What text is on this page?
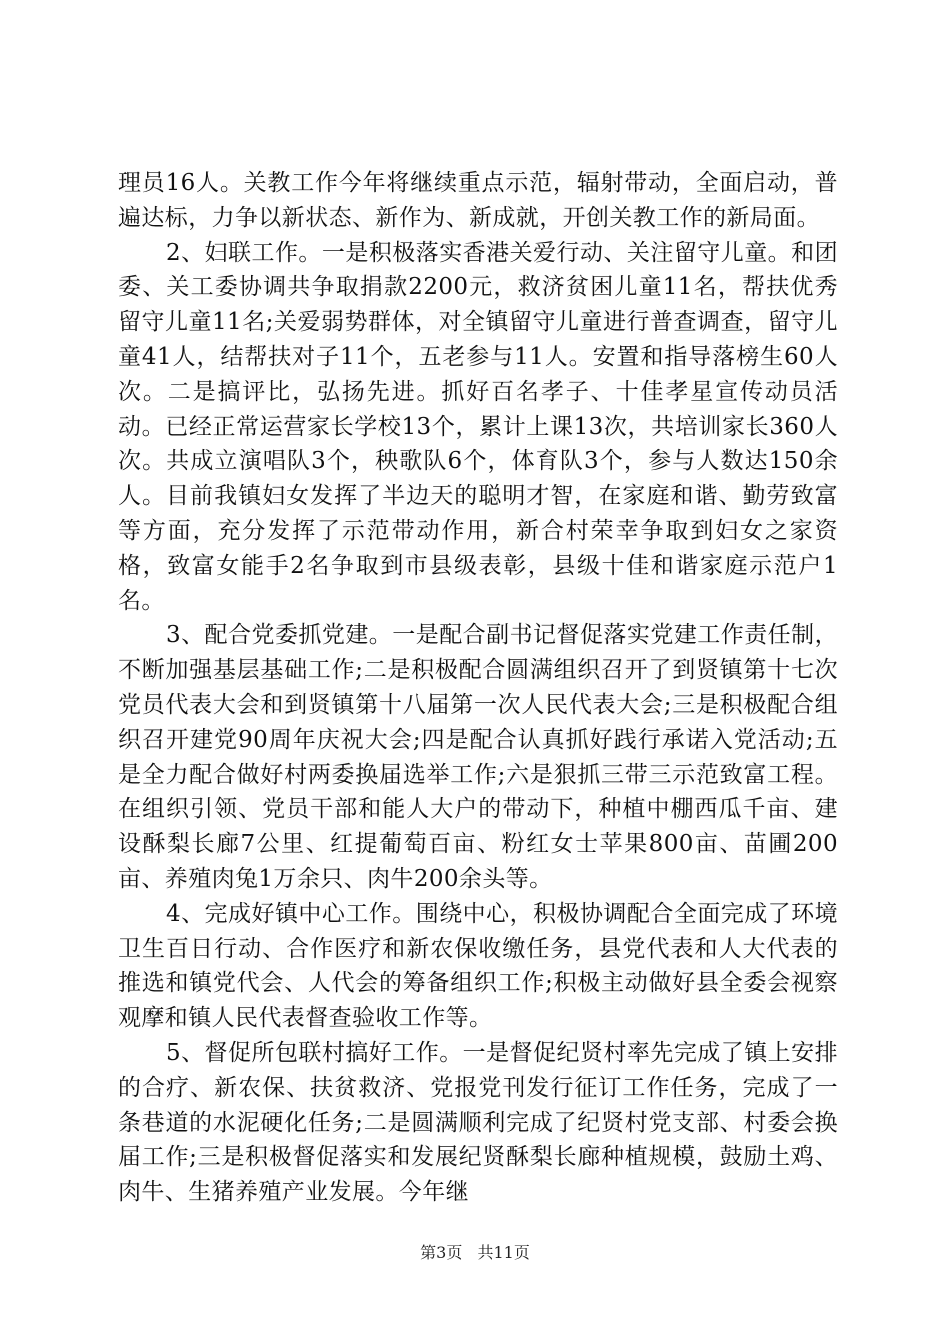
理员16人。关教工作今年将继续重点示范，辐射带动，全面启动，普遍达标，力争以新状态、新作为、新成就，开创关教工作的新局面。

2、妇联工作。一是积极落实香港关爱行动、关注留守儿童。和团委、关工委协调共争取捐款2200元，救济贫困儿童11名，帮扶优秀留守儿童11名;关爱弱势群体，对全镇留守儿童进行普查调查，留守儿童41人，结帮扶对子11个，五老参与11人。安置和指导落榜生60人次。二是搞评比，弘扬先进。抓好百名孝子、十佳孝星宣传动员活动。已经正常运营家长学校13个，累计上课13次，共培训家长360人次。共成立演唱队3个，秧歌队6个，体育队3个，参与人数达150余人。目前我镇妇女发挥了半边天的聪明才智，在家庭和谐、勤劳致富等方面，充分发挥了示范带动作用，新合村荣幸争取到妇女之家资格，致富女能手2名争取到市县级表彰，县级十佳和谐家庭示范户1名。

3、配合党委抓党建。一是配合副书记督促落实党建工作责任制，不断加强基层基础工作;二是积极配合圆满组织召开了到贤镇第十七次党员代表大会和到贤镇第十八届第一次人民代表大会;三是积极配合组织召开建党90周年庆祝大会;四是配合认真抓好践行承诺入党活动;五是全力配合做好村两委换届选举工作;六是狠抓三带三示范致富工程。在组织引领、党员干部和能人大户的带动下，种植中棚西瓜千亩、建设酥梨长廊7公里、红提葡萄百亩、粉红女士苹果800亩、苗圃200亩、养殖肉兔1万余只、肉牛200余头等。

4、完成好镇中心工作。围绕中心，积极协调配合全面完成了环境卫生百日行动、合作医疗和新农保收缴任务，县党代表和人大代表的推选和镇党代会、人代会的筹备组织工作;积极主动做好县全委会视察观摩和镇人民代表督查验收工作等。

5、督促所包联村搞好工作。一是督促纪贤村率先完成了镇上安排的合疗、新农保、扶贫救济、党报党刊发行征订工作任务，完成了一条巷道的水泥硬化任务;二是圆满顺利完成了纪贤村党支部、村委会换届工作;三是积极督促落实和发展纪贤酥梨长廊种植规模，鼓励土鸡、肉牛、生猪养殖产业发展。今年继

第3页 共11页
